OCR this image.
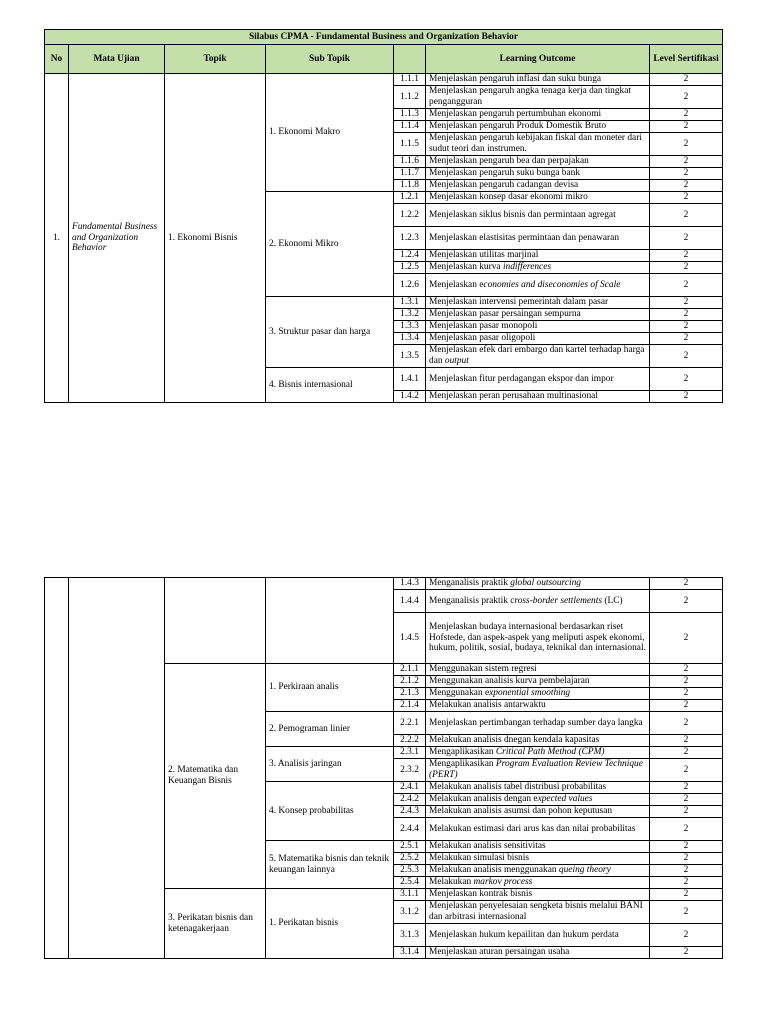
Silabus CPMA - Fundamental Business and Organization Behavior						
No	Mata Ujian	Topik	Sub Topik		Learning Outcome	Level Sertifikasi
1.	Fundamental Business and Organization Behavior	1. Ekonomi Bisnis	1. Ekonomi Makro	1.1.1	Menjelaskan pengaruh inflasi dan suku bunga	2
				1.1.2	Menjelaskan pengaruh angka tenaga kerja dan tingkat pengangguran	2
				1.1.3	Menjelaskan pengaruh pertumbuhan ekonomi	2
				1.1.4	Menjelaskan pengaruh Produk Domestik Bruto	2
				1.1.5	Menjelaskan pengaruh kebijakan fiskal dan moneter dari sudut teori dan instrumen.	2
				1.1.6	Menjelaskan pengaruh bea dan perpajakan	2
				1.1.7	Menjelaskan pengaruh suku bunga bank	2
				1.1.8	Menjelaskan pengaruh cadangan devisa	2
			2. Ekonomi Mikro	1.2.1	Menjelaskan konsep dasar ekonomi mikro	2
				1.2.2	Menjelaskan siklus bisnis dan permintaan agregat	2
				1.2.3	Menjelaskan elastisitas permintaan dan penawaran	2
				1.2.4	Menjelaskan utilitas marjinal	2
				1.2.5	Menjelaskan kurva indifferences	2
				1.2.6	Menjelaskan economies and diseconomies of Scale	2
			3. Struktur pasar dan harga	1.3.1	Menjelaskan intervensi pemerintah dalam pasar	2
				1.3.2	Menjelaskan pasar persaingan sempurna	2
				1.3.3	Menjelaskan pasar monopoli	2
				1.3.4	Menjelaskan pasar oligopoli	2
				1.3.5	Menjelaskan efek dari embargo dan kartel terhadap harga dan output	2
			4. Bisnis internasional	1.4.1	Menjelaskan fitur perdagangan ekspor dan impor	2
				1.4.2	Menjelaskan peran perusahaan multinasional	2
				1.4.3	Menganalisis praktik global outsourcing	2
				1.4.4	Menganalisis praktik cross-border settlements (LC)	2
				1.4.5	Menjelaskan budaya internasional berdasarkan riset Hofstede, dan aspek-aspek yang meliputi aspek ekonomi, hukum, politik, sosial, budaya, teknikal dan internasional.	2
		2. Matematika dan Keuangan Bisnis	1. Perkiraan analis	2.1.1	Menggunakan sistem regresi	2
				2.1.2	Menggunakan analisis kurva pembelajaran	2
				2.1.3	Menggunakan exponential smoothing	2
				2.1.4	Melakukan analisis antarwaktu	2
			2. Pemograman linier	2.2.1	Menjelaskan pertimbangan terhadap sumber daya langka	2
				2.2.2	Melakukan analisis dnegan kendala kapasitas	2
			3. Analisis jaringan	2.3.1	Mengaplikasikan Critical Path Method (CPM)	2
				2.3.2	Mengaplikasikan Program Evaluation Review Technique (PERT)	2
			4. Konsep probabilitas	2.4.1	Melakukan analisis tabel distribusi probabilitas	2
				2.4.2	Melakukan analisis dengan expected values	2
				2.4.3	Melakukan analisis asumsi dan pohon keputusan	2
				2.4.4	Melakukan estimasi dari arus kas dan nilai probabilitas	2
			5. Matematika bisnis dan teknik keuangan lainnya	2.5.1	Melakukan analisis sensitivitas	2
				2.5.2	Melakukan simulasi bisnis	2
				2.5.3	Melakukan analisis menggunakan queing theory	2
				2.5.4	Melakukan markov process	2
		3. Perikatan bisnis dan ketenagakerjaan	1. Perikatan bisnis	3.1.1	Menjelaskan kontrak bisnis	2
				3.1.2	Menjelaskan penyelesaian sengketa bisnis melalui BANI dan arbitrasi internasional	2
				3.1.3	Menjelaskan hukum kepailitan dan hukum perdata	2
				3.1.4	Menjelaskan aturan persaingan usaha	2
